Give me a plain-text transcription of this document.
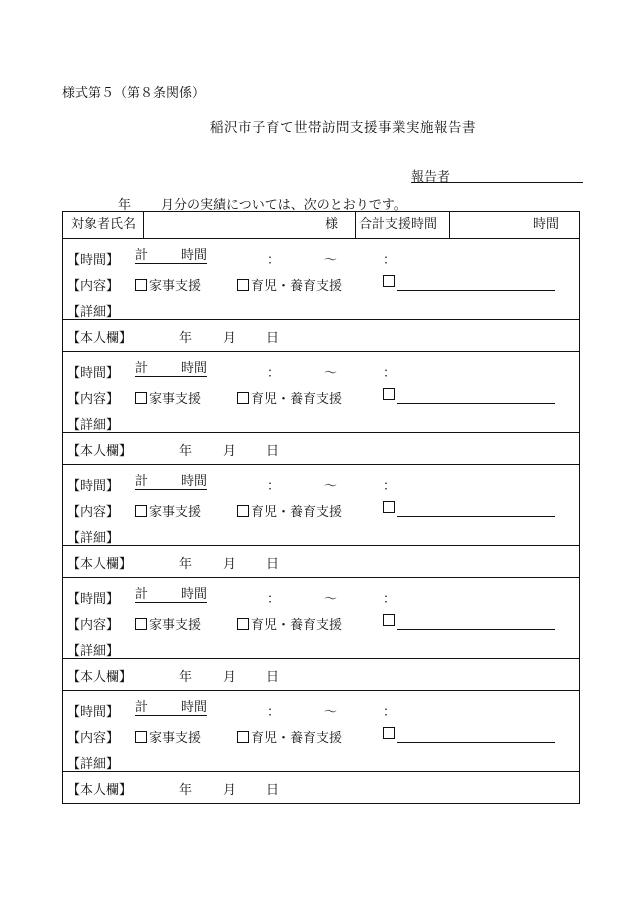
様式第５（第８条関係）
稲沢市子育て世帯訪問支援事業実施報告書
報告者
年 月分の実績については、次のとおりです。
対象者氏名	様 合計支援時間	時間
【時間】 計	時間	：	〜	：
【内容】	家事支援	育児・養育支援
【詳細】
【本人欄】	年 月 日
【時間】 計	時間	：	〜	：
【内容】	家事支援	育児・養育支援
【詳細】
【本人欄】	年 月 日
【時間】 計	時間	：	〜	：
【内容】	家事支援	育児・養育支援
【詳細】
【本人欄】	年 月 日
【時間】 計	時間	：	〜	：
【内容】	家事支援	育児・養育支援
【詳細】
【本人欄】	年 月 日
【時間】 計	時間	：	〜	：
【内容】	家事支援	育児・養育支援
【詳細】
【本人欄】	年 月 日
